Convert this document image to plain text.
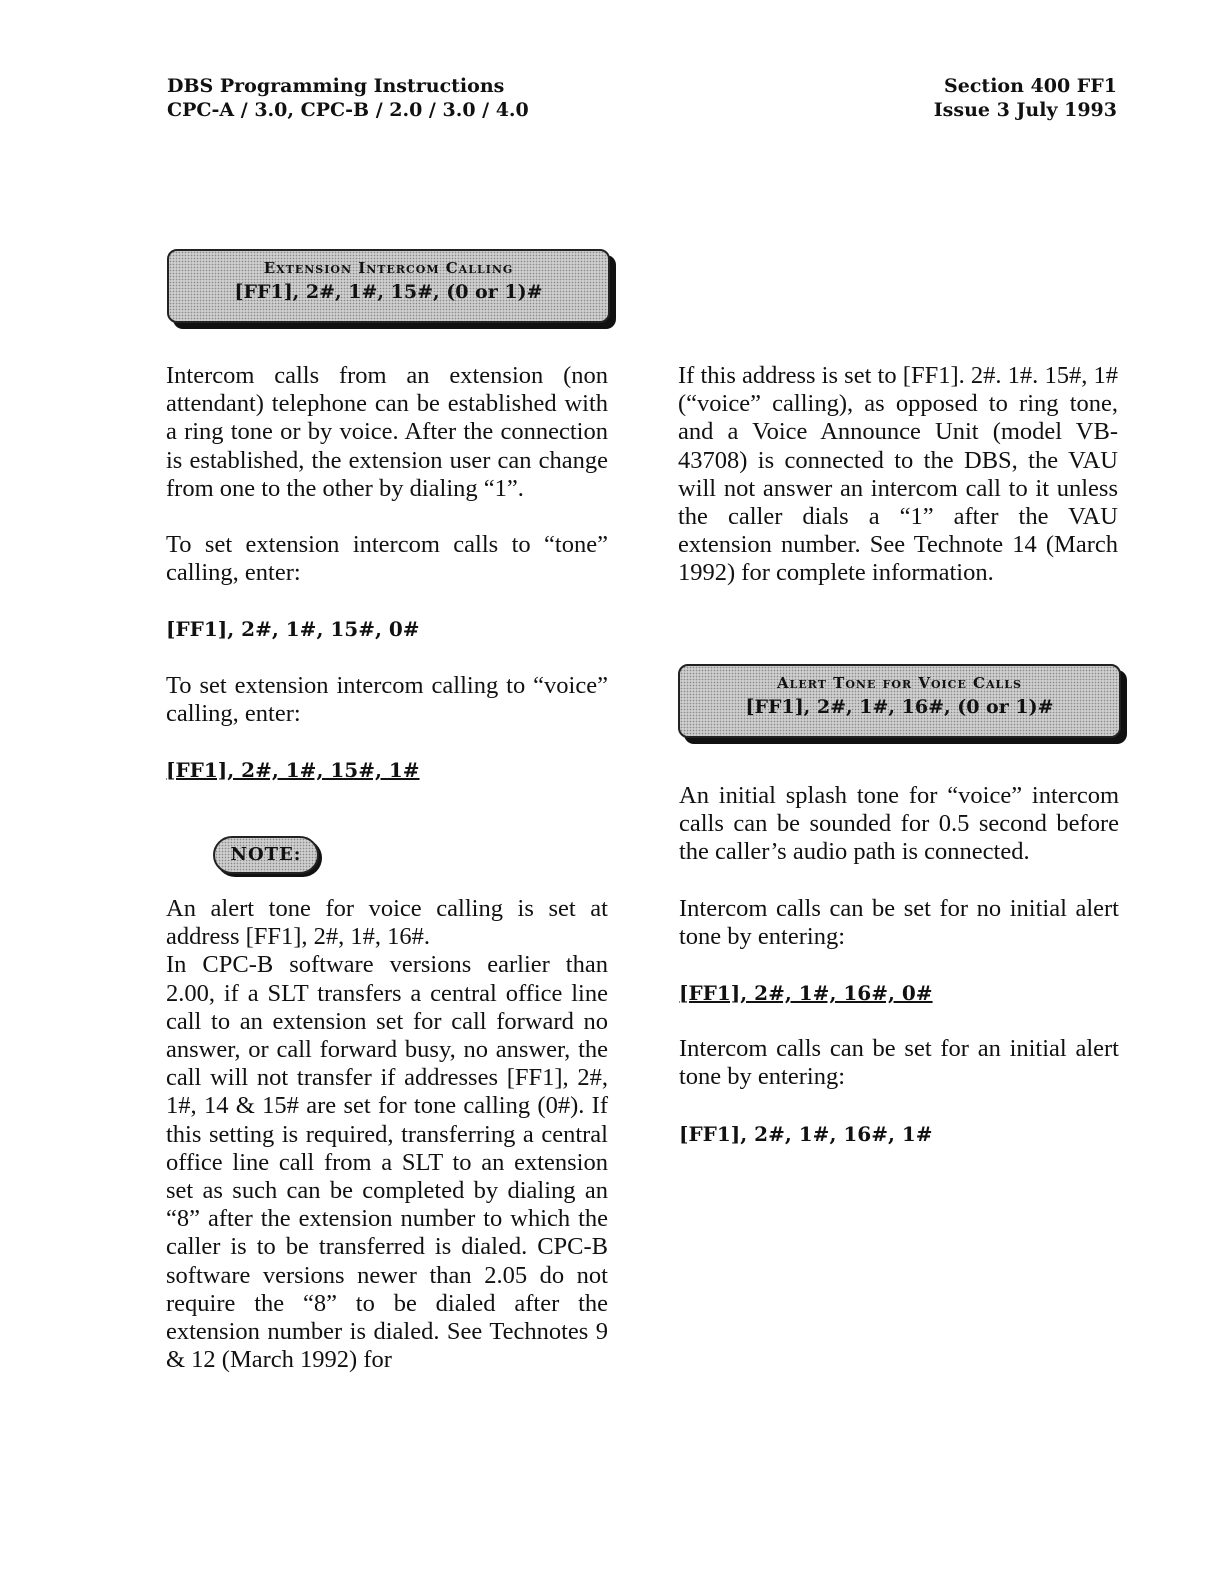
DBS Programming Instructions
CPC-A / 3.0, CPC-B / 2.0 / 3.0 / 4.0
Section 400 FF1
Issue 3 July 1993
Extension Intercom Calling
[FF1], 2#, 1#, 15#, (0 or 1)#

Intercom calls from an extension (non attendant) telephone can be established with a ring tone or by voice. After the connection is established, the extension user can change from one to the other by dialing “1”.

To set extension intercom calls to “tone” calling, enter:

[FF1], 2#, 1#, 15#, 0#

To set extension intercom calling to “voice” calling, enter:

[FF1], 2#, 1#, 15#, 1#

NOTE:

An alert tone for voice calling is set at address [FF1], 2#, 1#, 16#.

In CPC-B software versions earlier than 2.00, if a SLT transfers a central office line call to an extension set for call forward no answer, or call forward busy, no answer, the call will not transfer if addresses [FF1], 2#, 1#, 14 & 15# are set for tone calling (0#). If this setting is required, transferring a central office line call from a SLT to an extension set as such can be completed by dialing an “8” after the extension number to which the caller is to be transferred is dialed. CPC-B software versions newer than 2.05 do not require the “8” to be dialed after the extension number is dialed. See Technotes 9 & 12 (March 1992) for

If this address is set to [FF1]. 2#. 1#. 15#, 1# (“voice” calling), as opposed to ring tone, and a Voice Announce Unit (model VB-43708) is connected to the DBS, the VAU will not answer an intercom call to it unless the caller dials a “1” after the VAU extension number. See Technote 14 (March 1992) for complete information.

Alert Tone for Voice Calls
[FF1], 2#, 1#, 16#, (0 or 1)#

An initial splash tone for “voice” intercom calls can be sounded for 0.5 second before the caller’s audio path is connected.

Intercom calls can be set for no initial alert tone by entering:

[FF1], 2#, 1#, 16#, 0#

Intercom calls can be set for an initial alert tone by entering:

[FF1], 2#, 1#, 16#, 1#
